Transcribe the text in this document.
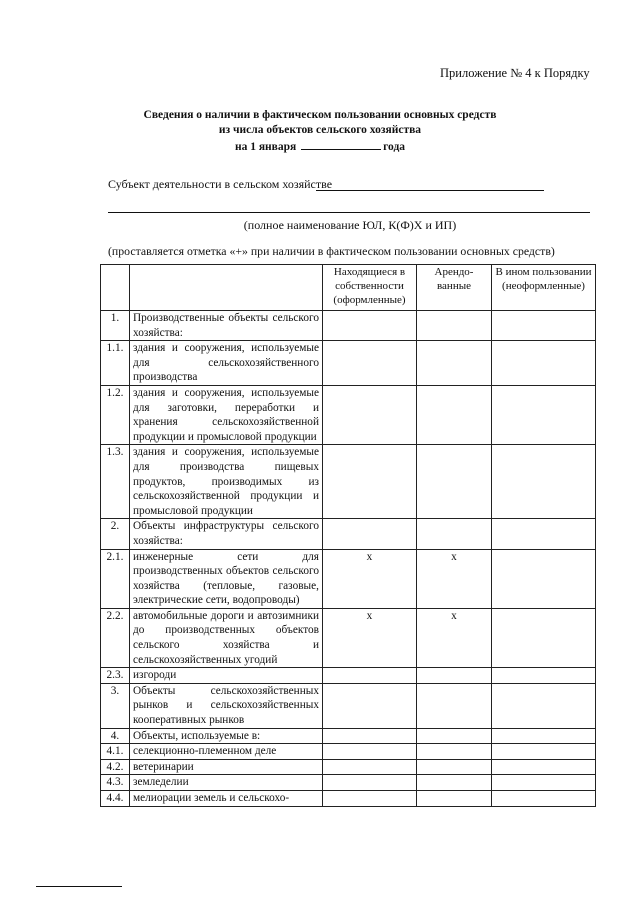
Приложение № 4 к Порядку
Сведения о наличии в фактическом пользовании основных средств
из числа объектов сельского хозяйства
на 1 января	года
Субъект деятельности в сельском хозяйстве
(полное наименование ЮЛ, К(Ф)Х и ИП)
(проставляется отметка «+» при наличии в фактическом пользовании основных средств)
		Находящиеся в собственности (оформленные)	Арендо-ванные	В ином пользовании (неоформленные)
1.	Производственные объекты сельского хозяйства:			
1.1.	здания и сооружения, используемые для сельскохозяйственного производства			
1.2.	здания и сооружения, используемые для заготовки, переработки и хранения сельскохозяйственной продукции и промысловой продукции			
1.3.	здания и сооружения, используемые для производства пищевых продуктов, производимых из сельскохозяйственной продукции и промысловой продукции			
2.	Объекты инфраструктуры сельского хозяйства:			
2.1.	инженерные сети для производственных объектов сельского хозяйства (тепловые, газовые, электрические сети, водопроводы)	x	x	
2.2.	автомобильные дороги и автозимники до производственных объектов сельского хозяйства и сельскохозяйственных угодий	x	x	
2.3.	изгороди			
3.	Объекты сельскохозяйственных рынков и сельскохозяйственных кооперативных рынков			
4.	Объекты, используемые в:			
4.1.	селекционно-племенном деле			
4.2.	ветеринарии			
4.3.	земледелии			
4.4.	мелиорации земель и сельскохо-			
